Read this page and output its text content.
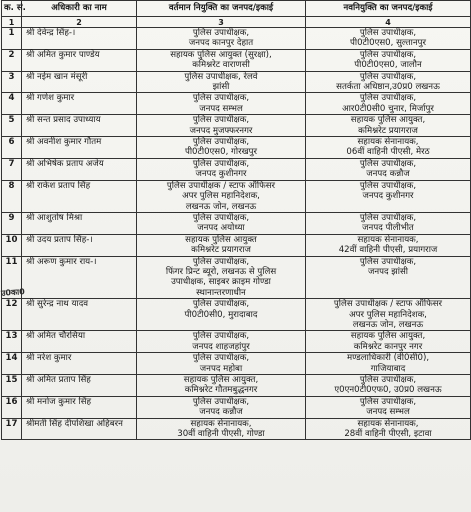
क. सं.	अधिकारी का नाम	वर्तमान नियुक्ति का जनपद/इकाई	नवनियुक्ति का जनपद/इकाई
1	2	3	4
1	श्री देवेन्द्र सिंह-।	पुलिस उपाधीक्षक,
जनपद कानपुर देहात	पुलिस उपाधीक्षक,
पी0टी0एस0, सुल्तानपुर

2	श्री अमित कुमार पाण्डेय	सहायक पुलिस आयुक्त (सुरक्षा),
कमिश्नरेट वाराणसी	पुलिस उपाधीक्षक,
पी0टी0एस0, जालौन

3	श्री नईम खान मंसूरी	पुलिस उपाधीक्षक, रेलवे
झांसी	पुलिस उपाधीक्षक,
सतर्कता अधिष्ठान,उ0प्र0 लखनऊ

4	श्री गणेश कुमार	पुलिस उपाधीक्षक,
जनपद सम्भल	पुलिस उपाधीक्षक,
आर0टी0सी0 चुनार, मिर्जापुर

5	श्री सन्त प्रसाद उपाध्याय	पुलिस उपाधीक्षक,
जनपद मुजफ्फरनगर	सहायक पुलिस आयुक्त,
कमिश्नरेट प्रयागराज

6	श्री अवनीश कुमार गौतम	पुलिस उपाधीक्षक,
पी0टी0एस0, गोरखपुर	सहायक सेनानायक,
06वीं वाहिनी पीएसी, मेरठ

7	श्री अभिषेक प्रताप अजेय	पुलिस उपाधीक्षक,
जनपद कुशीनगर	पुलिस उपाधीक्षक,
जनपद कन्नौज

8	श्री राकेश प्रताप सिंह	पुलिस उपाधीक्षक / स्टाफ ऑफिसर
अपर पुलिस महानिदेशक,
लखनऊ जोन, लखनऊ	पुलिस उपाधीक्षक,
जनपद कुशीनगर

9	श्री आशुतोष मिश्रा	पुलिस उपाधीक्षक,
जनपद अयोध्या	पुलिस उपाधीक्षक,
जनपद पीलीभीत

10	श्री उदय प्रताप सिंह-।	सहायक पुलिस आयुक्त
कमिश्नरेट प्रयागराज	सहायक सेनानायक,
42वीं वाहिनी पीएसी, प्रयागराज

11	श्री अरूण कुमार राय-।	पुलिस उपाधीक्षक,
फिंगर प्रिन्ट ब्यूरो, लखनऊ से पुलिस
उपाधीक्षक, साइबर क्राइम गोण्डा
स्थानान्तरणाधीन	पुलिस उपाधीक्षक,
जनपद झांसी

12	श्री सुरेन्द्र नाथ यादव	पुलिस उपाधीक्षक,
पी0टी0सी0, मुरादाबाद	पुलिस उपाधीक्षक / स्टाफ ऑफिसर
अपर पुलिस महानिदेशक,
लखनऊ जोन, लखनऊ

13	श्री अमित चौरसिया	पुलिस उपाधीक्षक,
जनपद शाहजहांपुर	सहायक पुलिस आयुक्त,
कमिश्नरेट कानपुर नगर

14	श्री नरेश कुमार	पुलिस उपाधीक्षक,
जनपद महोबा	मण्डलाधिकारी (वी0सी0),
गाजियाबाद

15	श्री अमित प्रताप सिंह	सहायक पुलिस आयुक्त,
कमिश्नरेट गौतमबुद्धनगर	पुलिस उपाधीक्षक,
ए0एन0टी0एफ0, उ0प्र0 लखनऊ

16	श्री मनोज कुमार सिंह	पुलिस उपाधीक्षक,
जनपद कन्नौज	पुलिस उपाधीक्षक,
जनपद सम्भल

17	श्रीमती सिंह दीपशिखा अहिबरन	सहायक सेनानायक,
30वीं वाहिनी पीएसी, गोण्डा	सहायक सेनानायक,
28वीं वाहिनी पीएसी, इटावा
उ0का0
